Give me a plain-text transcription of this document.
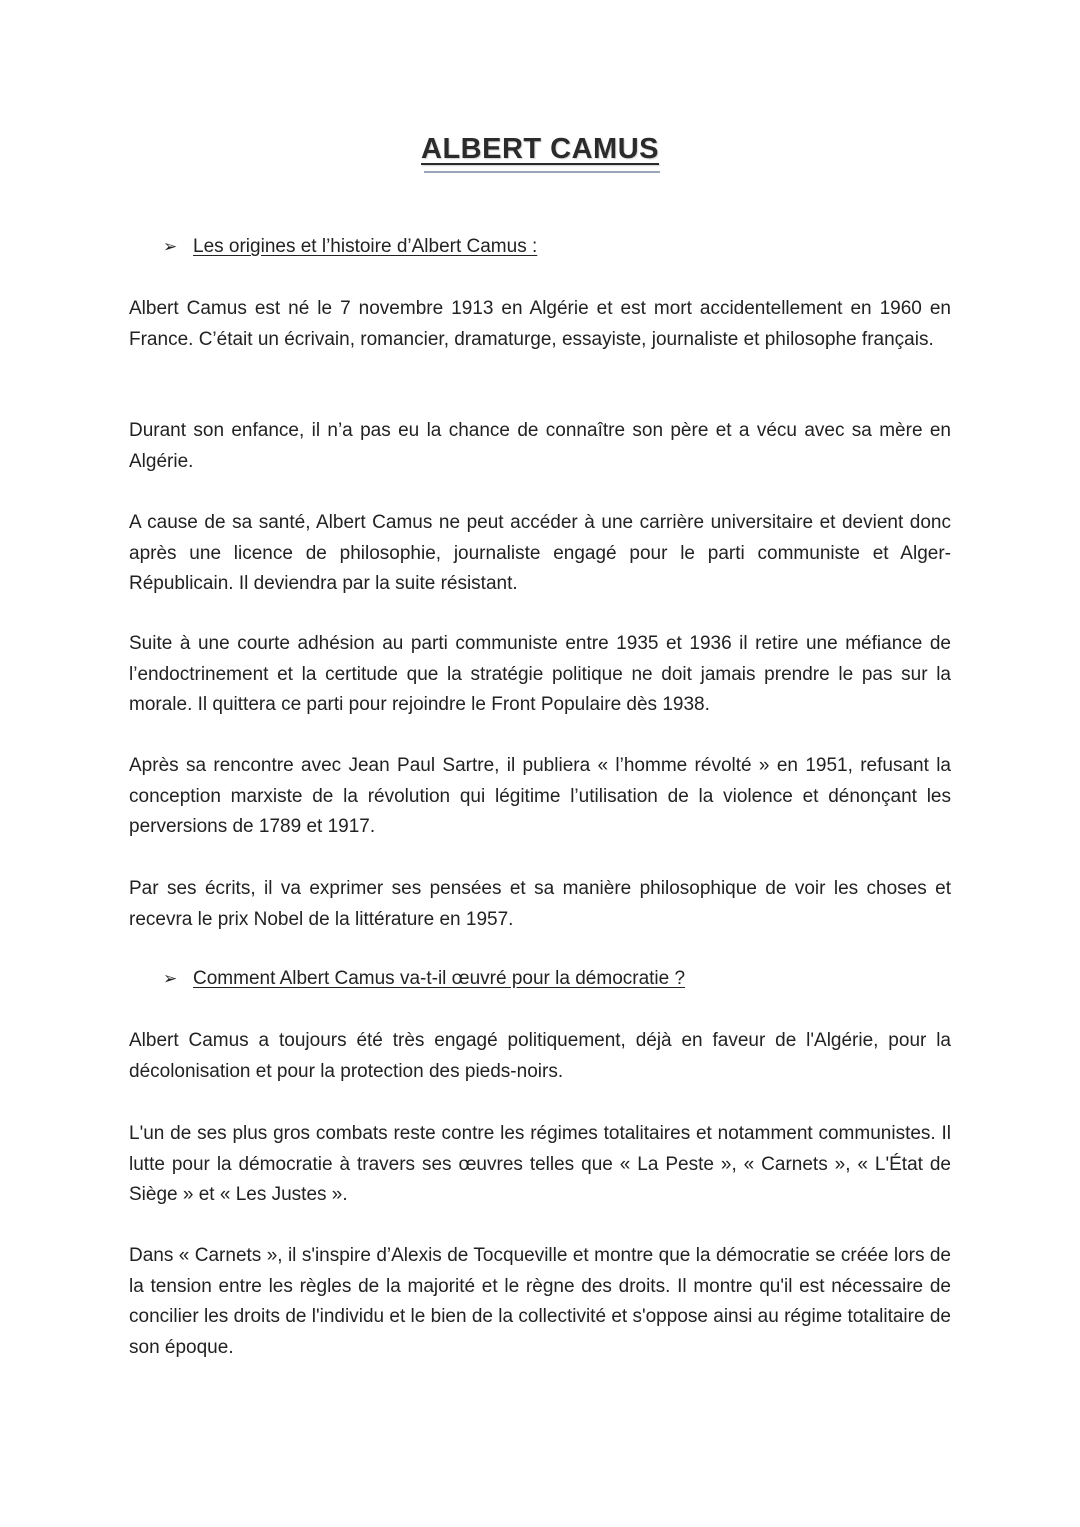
ALBERT CAMUS
➢ Les origines et l’histoire d’Albert Camus :
Albert Camus est né le 7 novembre 1913 en Algérie et est mort accidentellement en 1960 en France. C’était un écrivain, romancier, dramaturge, essayiste, journaliste et philosophe français.
Durant son enfance, il n’a pas eu la chance de connaître son père et a vécu avec sa mère en Algérie.
A cause de sa santé, Albert Camus ne peut accéder à une carrière universitaire et devient donc après une licence de philosophie, journaliste engagé pour le parti communiste et Alger-Républicain. Il deviendra par la suite résistant.
Suite à une courte adhésion au parti communiste entre 1935 et 1936 il retire une méfiance de l’endoctrinement et la certitude que la stratégie politique ne doit jamais prendre le pas sur la morale. Il quittera ce parti pour rejoindre le Front Populaire dès 1938.
Après sa rencontre avec Jean Paul Sartre, il publiera « l’homme révolté » en 1951, refusant la conception marxiste de la révolution qui légitime l’utilisation de la violence et dénonçant les perversions de 1789 et 1917.
Par ses écrits, il va exprimer ses pensées et sa manière philosophique de voir les choses et recevra le prix Nobel de la littérature en 1957.
➢ Comment Albert Camus va-t-il œuvré pour la démocratie ?
Albert Camus a toujours été très engagé politiquement, déjà en faveur de l'Algérie, pour la décolonisation et pour la protection des pieds-noirs.
L'un de ses plus gros combats reste contre les régimes totalitaires et notamment communistes. Il lutte pour la démocratie à travers ses œuvres telles que « La Peste », « Carnets », « L'État de Siège » et « Les Justes ».
Dans « Carnets », il s'inspire d’Alexis de Tocqueville et montre que la démocratie se créée lors de la tension entre les règles de la majorité et le règne des droits. Il montre qu'il est nécessaire de concilier les droits de l'individu et le bien de la collectivité et s'oppose ainsi au régime totalitaire de son époque.
